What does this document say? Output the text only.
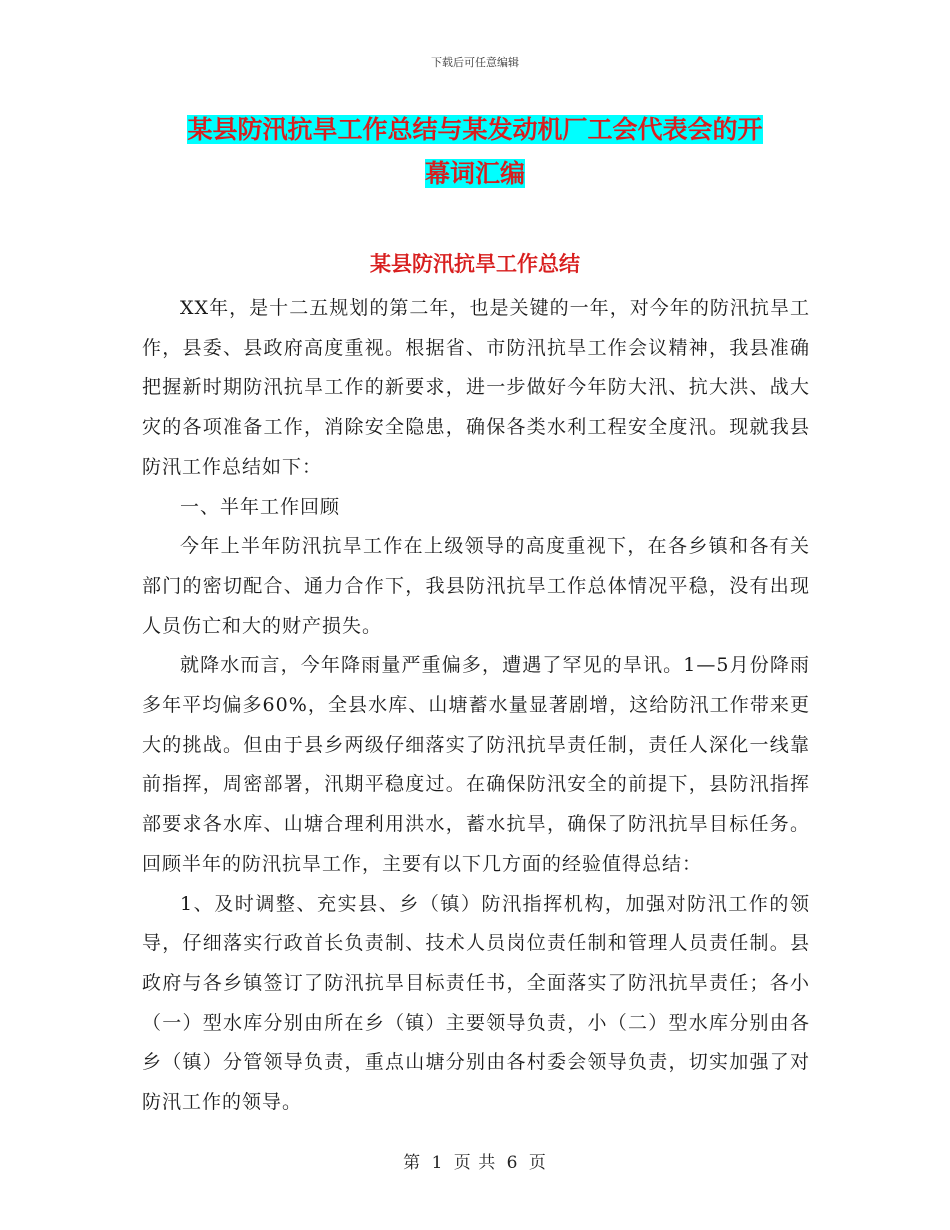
下载后可任意编辑
某县防汛抗旱工作总结与某发动机厂工会代表会的开
幕词汇编
某县防汛抗旱工作总结

XX年，是十二五规划的第二年，也是关键的一年，对今年的防汛抗旱工作，县委、县政府高度重视。根据省、市防汛抗旱工作会议精神，我县准确把握新时期防汛抗旱工作的新要求，进一步做好今年防大汛、抗大洪、战大灾的各项准备工作，消除安全隐患，确保各类水利工程安全度汛。现就我县防汛工作总结如下：

一、半年工作回顾

今年上半年防汛抗旱工作在上级领导的高度重视下，在各乡镇和各有关部门的密切配合、通力合作下，我县防汛抗旱工作总体情况平稳，没有出现人员伤亡和大的财产损失。

就降水而言，今年降雨量严重偏多，遭遇了罕见的旱讯。1—5月份降雨多年平均偏多60%，全县水库、山塘蓄水量显著剧增，这给防汛工作带来更大的挑战。但由于县乡两级仔细落实了防汛抗旱责任制，责任人深化一线靠前指挥，周密部署，汛期平稳度过。在确保防汛安全的前提下，县防汛指挥部要求各水库、山塘合理利用洪水，蓄水抗旱，确保了防汛抗旱目标任务。回顾半年的防汛抗旱工作，主要有以下几方面的经验值得总结：

1、及时调整、充实县、乡（镇）防汛指挥机构，加强对防汛工作的领导，仔细落实行政首长负责制、技术人员岗位责任制和管理人员责任制。县政府与各乡镇签订了防汛抗旱目标责任书，全面落实了防汛抗旱责任；各小（一）型水库分别由所在乡（镇）主要领导负责，小（二）型水库分别由各乡（镇）分管领导负责，重点山塘分别由各村委会领导负责，切实加强了对防汛工作的领导。

第 1 页 共 6 页
